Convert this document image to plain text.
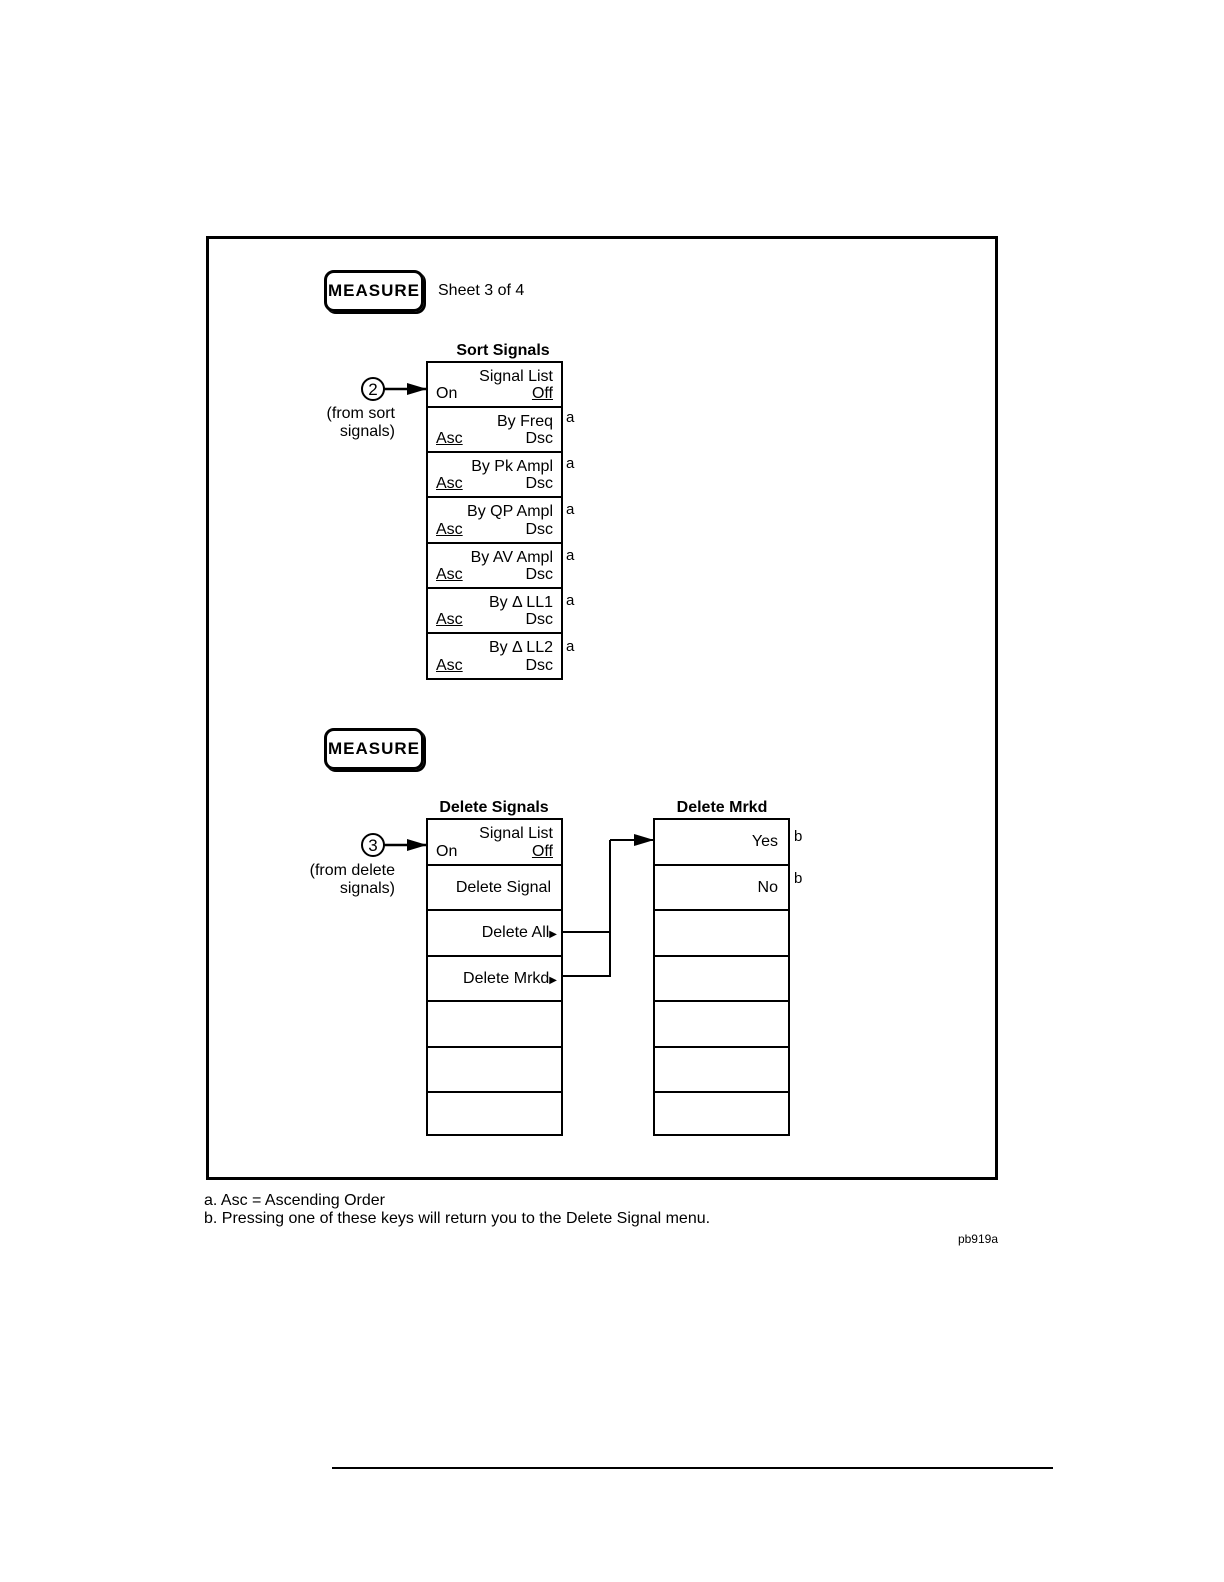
MEASURE Sheet 3 of 4
Sort Signals
Signal List
On	Off
By Freq
Asc	Dsc
By Pk Ampl
Asc	Dsc
By QP Ampl
Asc	Dsc
By AV Ampl
Asc	Dsc
By Δ LL1
Asc	Dsc
By Δ LL2
Asc	Dsc
a
a
a
a
a
a
(from sort
signals)
MEASURE
Delete Signals
Signal List
On	Off
Delete Signal
Delete All▶
Delete Mrkd▶
(from delete
signals)
Delete Mrkd
Yes
No
b
b
2
3
a. Asc = Ascending Order
b. Pressing one of these keys will return you to the Delete Signal menu.
pb919a
